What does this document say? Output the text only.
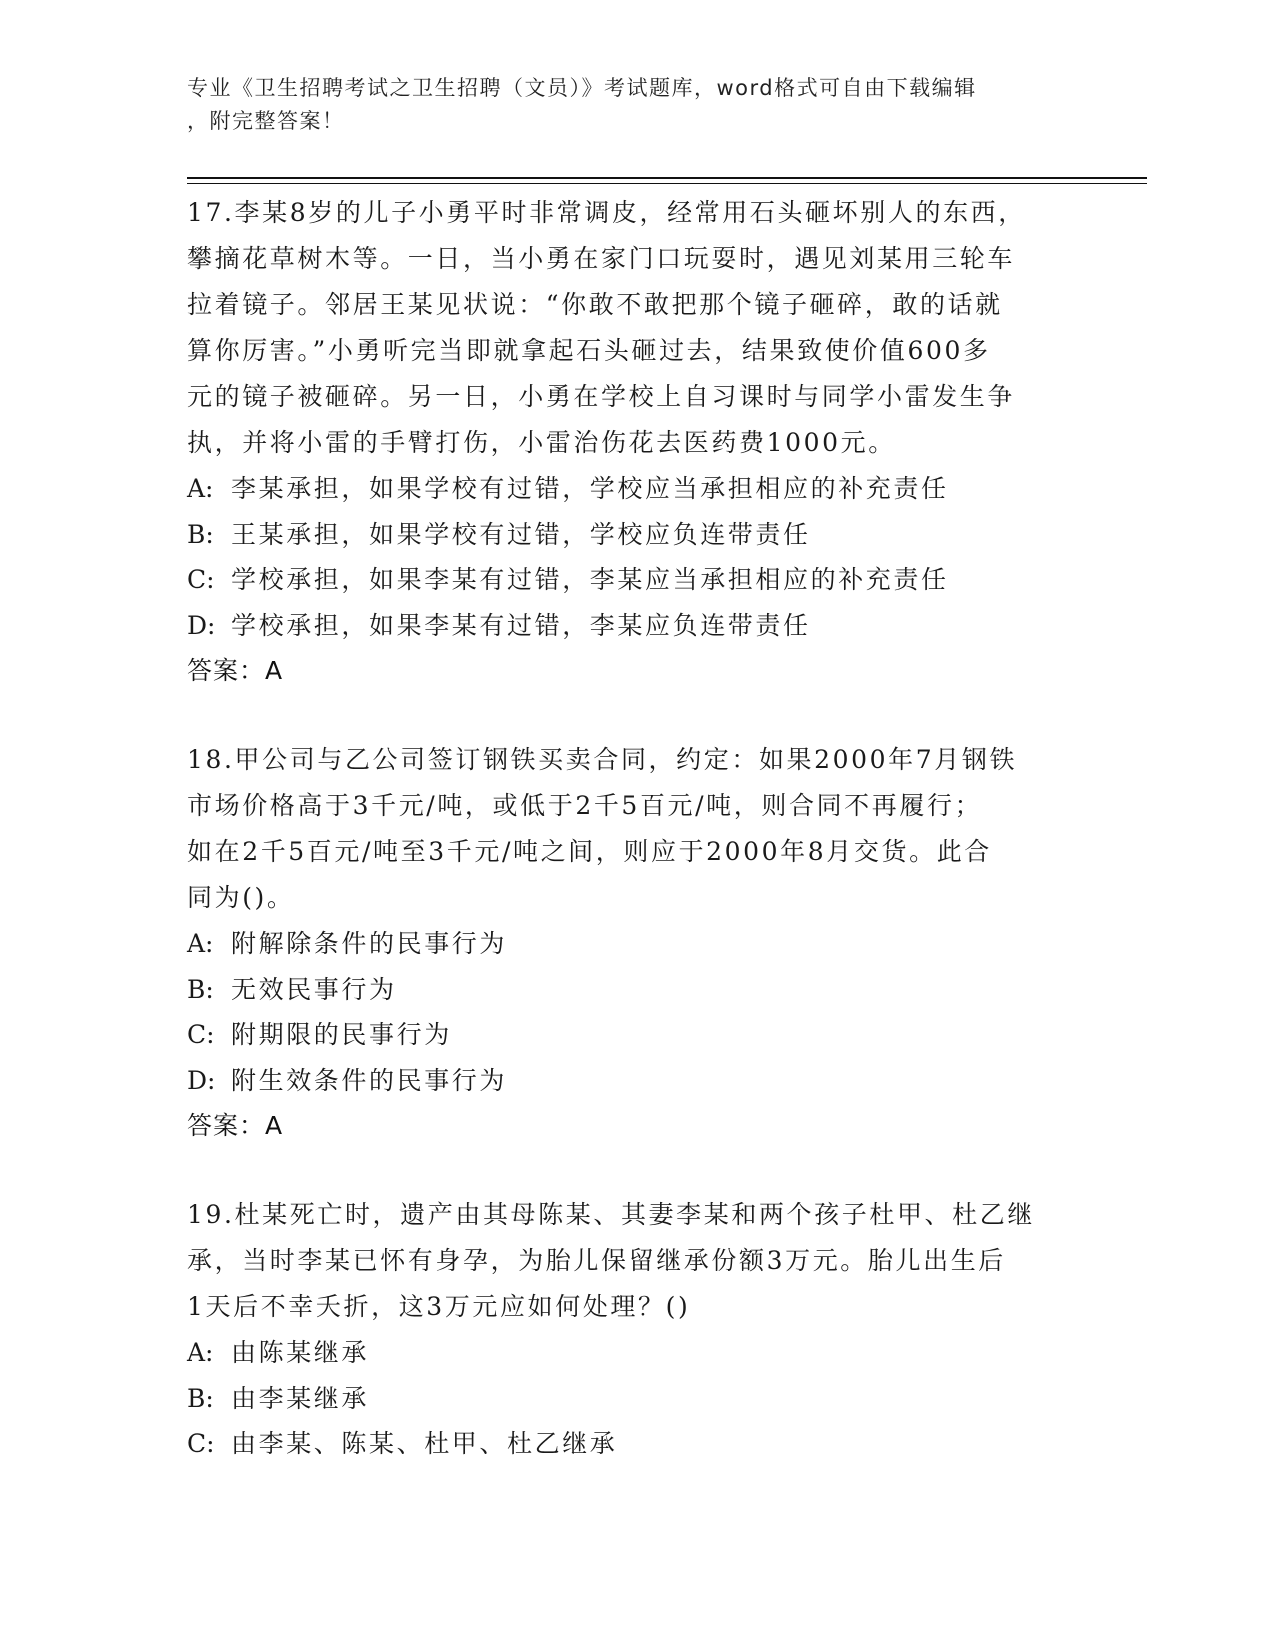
专业《卫生招聘考试之卫生招聘（文员）》考试题库，word格式可自由下载编辑
，附完整答案！
17.李某8岁的儿子小勇平时非常调皮，经常用石头砸坏别人的东西，
攀摘花草树木等。一日，当小勇在家门口玩耍时，遇见刘某用三轮车
拉着镜子。邻居王某见状说：“你敢不敢把那个镜子砸碎，敢的话就
算你厉害。”小勇听完当即就拿起石头砸过去，结果致使价值600多
元的镜子被砸碎。另一日，小勇在学校上自习课时与同学小雷发生争
执，并将小雷的手臂打伤，小雷治伤花去医药费1000元。
A: 李某承担，如果学校有过错，学校应当承担相应的补充责任
B: 王某承担，如果学校有过错，学校应负连带责任
C: 学校承担，如果李某有过错，李某应当承担相应的补充责任
D: 学校承担，如果李某有过错，李某应负连带责任
答案：A
18.甲公司与乙公司签订钢铁买卖合同，约定：如果2000年7月钢铁
市场价格高于3千元/吨，或低于2千5百元/吨，则合同不再履行；
如在2千5百元/吨至3千元/吨之间，则应于2000年8月交货。此合
同为()。
A: 附解除条件的民事行为
B: 无效民事行为
C: 附期限的民事行为
D: 附生效条件的民事行为
答案：A
19.杜某死亡时，遗产由其母陈某、其妻李某和两个孩子杜甲、杜乙继
承，当时李某已怀有身孕，为胎儿保留继承份额3万元。胎儿出生后
1天后不幸夭折，这3万元应如何处理？()
A: 由陈某继承
B: 由李某继承
C: 由李某、陈某、杜甲、杜乙继承
